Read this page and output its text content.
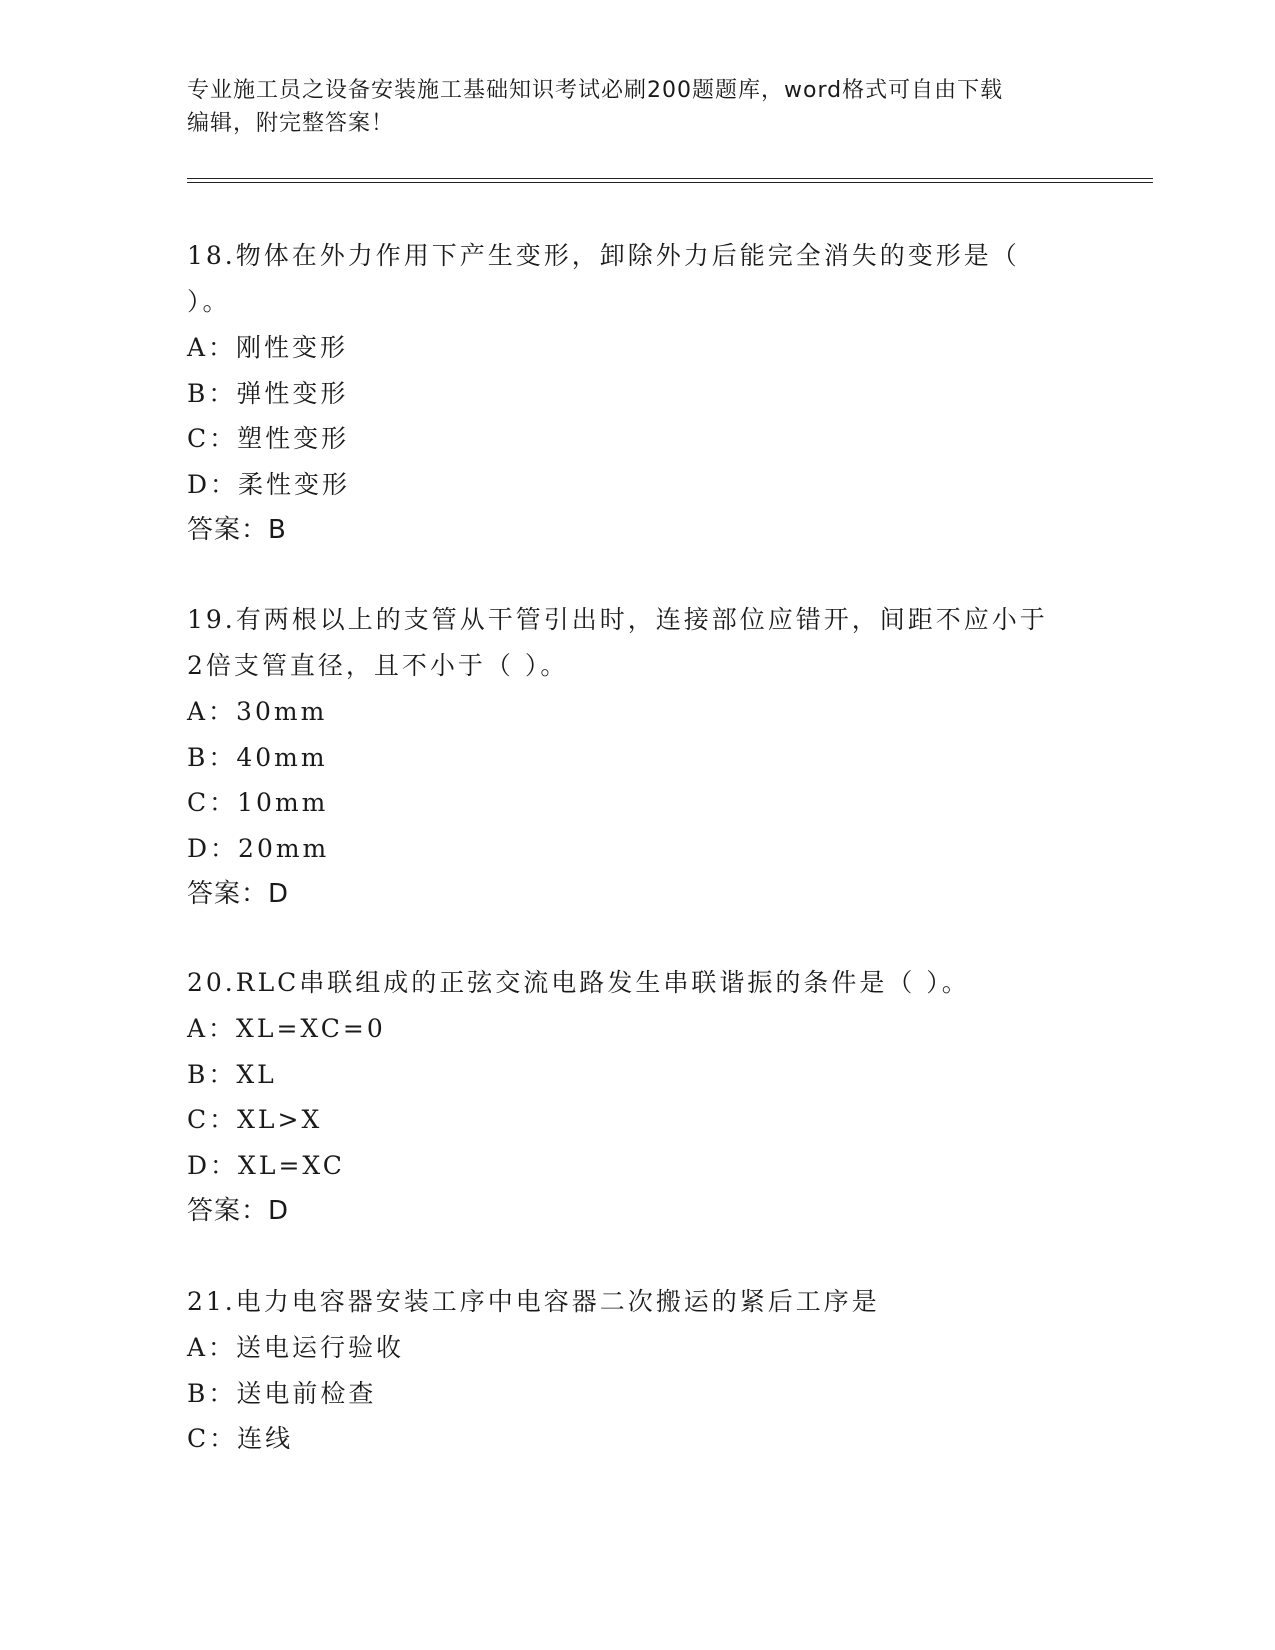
专业施工员之设备安装施工基础知识考试必刷200题题库，word格式可自由下载
编辑，附完整答案！
18.物体在外力作用下产生变形，卸除外力后能完全消失的变形是（
）。
A：刚性变形
B：弹性变形
C：塑性变形
D：柔性变形
答案：B
19.有两根以上的支管从干管引出时，连接部位应错开，间距不应小于
2倍支管直径，且不小于（ ）。
A：30mm
B：40mm
C：10mm
D：20mm
答案：D
20.RLC串联组成的正弦交流电路发生串联谐振的条件是（ ）。
A：XL=XC=0
B：XL
C：XL>X
D：XL=XC
答案：D
21.电力电容器安装工序中电容器二次搬运的紧后工序是
A：送电运行验收
B：送电前检查
C：连线
